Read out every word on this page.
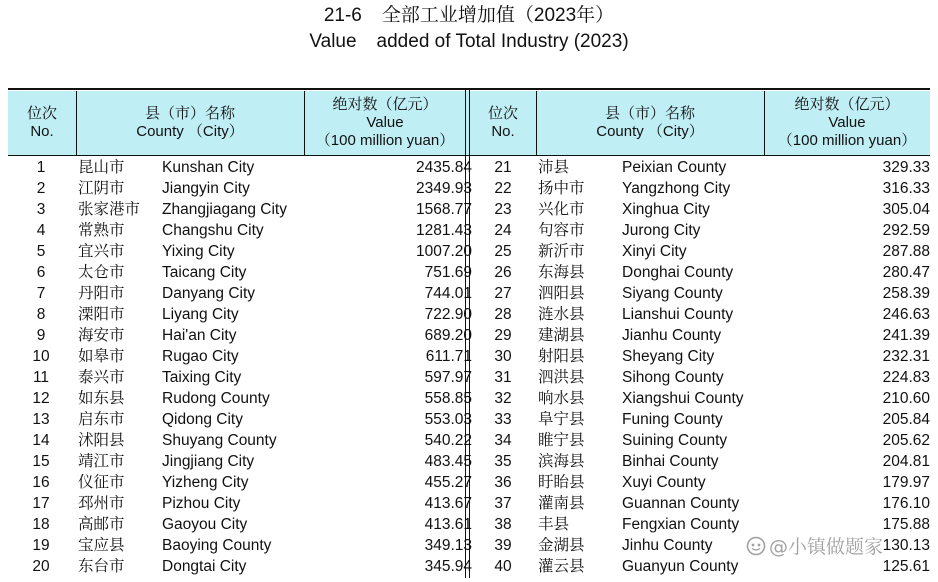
21-6 全部工业增加值（2023年）
Value added of Total Industry (2023)
位次
No.
县（市）名称
County （City）
绝对数（亿元）
Value
（100 million yuan）
位次
No.
县（市）名称
County （City）
绝对数（亿元）
Value
（100 million yuan）
1	昆山市 Kunshan City	2435.84	21	沛县	Peixian County	329.33
2	江阴市 Jiangyin City	2349.93	22	扬中市 Yangzhong City	316.33
3	张家港市 Zhangjiagang City	1568.77	23	兴化市 Xinghua City	305.04
4	常熟市 Changshu City	1281.43	24	句容市 Jurong City	292.59
5	宜兴市 Yixing City	1007.20	25	新沂市 Xinyi City	287.88
6	太仓市 Taicang City	751.69	26	东海县 Donghai County	280.47
7	丹阳市 Danyang City	744.01	27	泗阳县 Siyang County	258.39
8	溧阳市 Liyang City	722.90	28	涟水县 Lianshui County	246.63
9	海安市 Hai'an City	689.20	29	建湖县 Jianhu County	241.39
10	如皋市 Rugao City	611.71	30	射阳县 Sheyang City	232.31
11	泰兴市 Taixing City	597.97	31	泗洪县 Sihong County	224.83
12	如东县 Rudong County	558.85	32	响水县 Xiangshui County	210.60
13	启东市 Qidong City	553.03	33	阜宁县 Funing County	205.84
14	沭阳县 Shuyang County	540.22	34	睢宁县 Suining County	205.62
15	靖江市 Jingjiang City	483.45	35	滨海县 Binhai County	204.81
16	仪征市 Yizheng City	455.27	36	盱眙县 Xuyi County	179.97
17	邳州市 Pizhou City	413.67	37	灌南县 Guannan County	176.10
18	高邮市 Gaoyou City	413.61	38	丰县	Fengxian County	175.88
19	宝应县 Baoying County	349.13	39	金湖县 Jinhu County	130.13
20	东台市 Dongtai City	345.94	40	灌云县 Guanyun County	125.61
@小镇做题家
